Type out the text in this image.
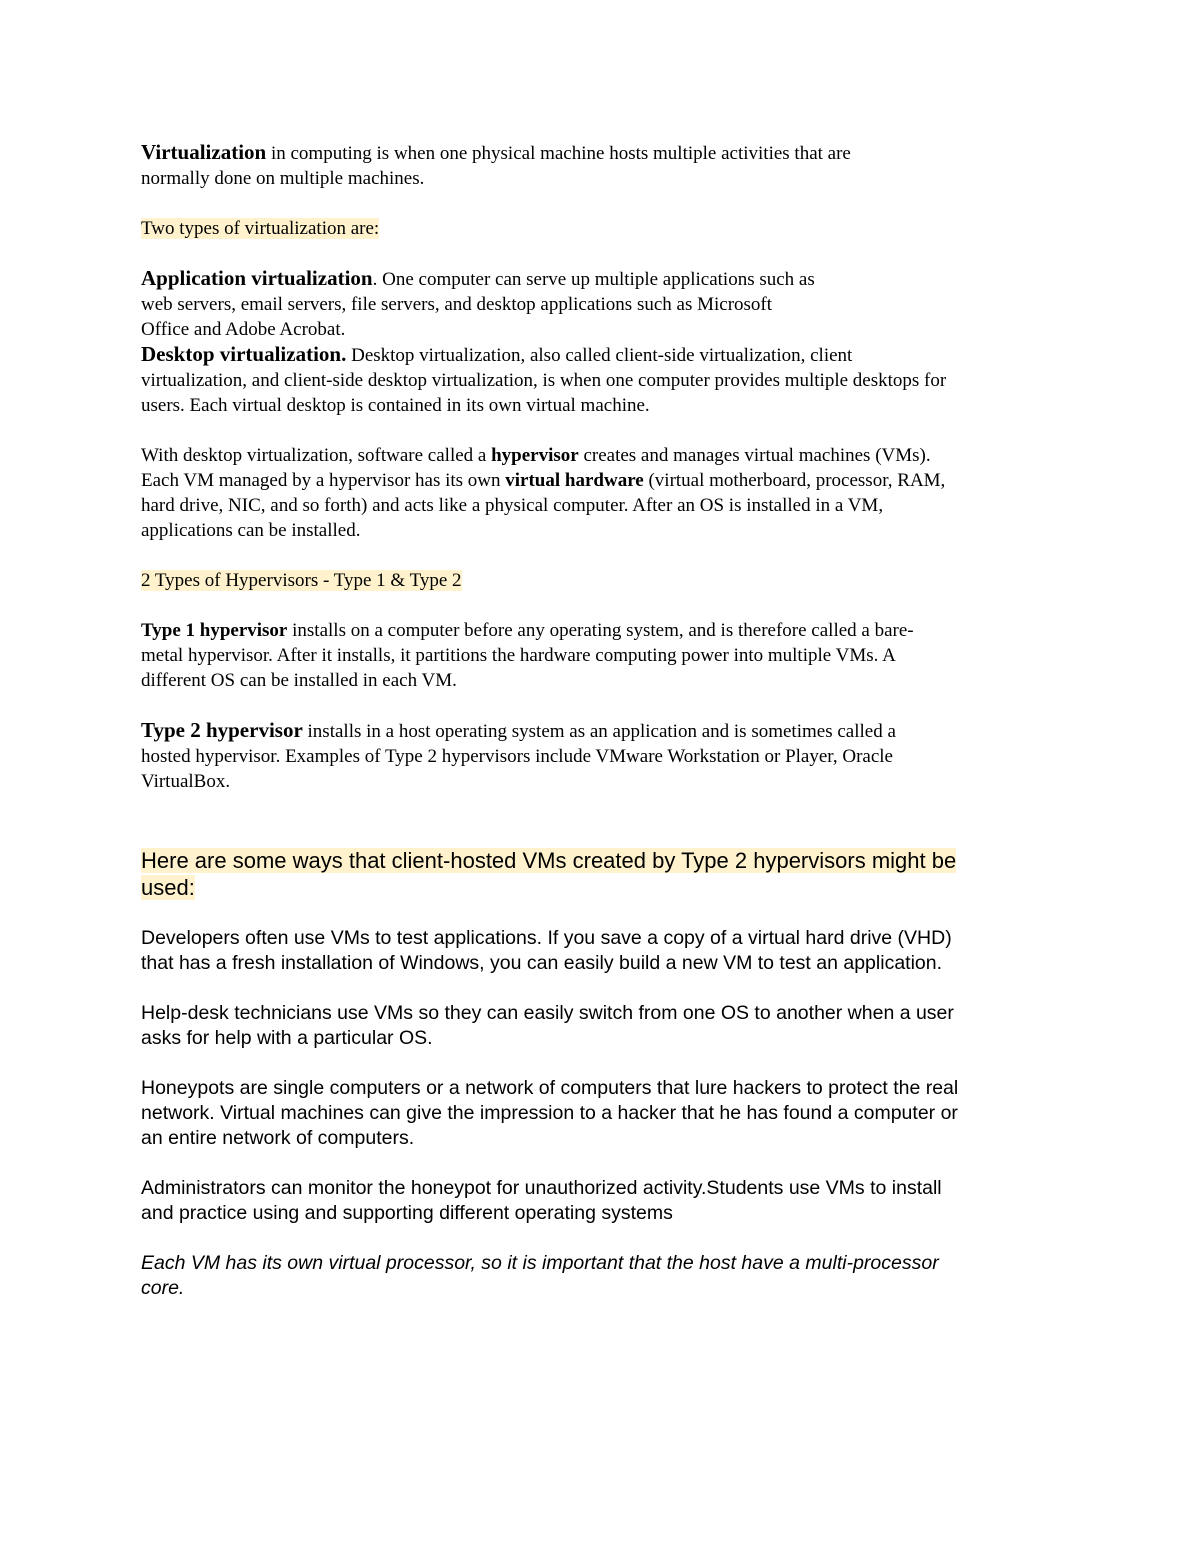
Virtualization in computing is when one physical machine hosts multiple activities that are
normally done on multiple machines.

Two types of virtualization are:

Application virtualization. One computer can serve up multiple applications such as
web servers, email servers, file servers, and desktop applications such as Microsoft
Office and Adobe Acrobat.

Desktop virtualization. Desktop virtualization, also called client-side virtualization, client
virtualization, and client-side desktop virtualization, is when one computer provides multiple desktops for
users. Each virtual desktop is contained in its own virtual machine.

With desktop virtualization, software called a hypervisor creates and manages virtual machines (VMs).
Each VM managed by a hypervisor has its own virtual hardware (virtual motherboard, processor, RAM,
hard drive, NIC, and so forth) and acts like a physical computer. After an OS is installed in a VM,
applications can be installed.

2 Types of Hypervisors - Type 1 & Type 2

Type 1 hypervisor installs on a computer before any operating system, and is therefore called a bare-
metal hypervisor. After it installs, it partitions the hardware computing power into multiple VMs. A
different OS can be installed in each VM.

Type 2 hypervisor installs in a host operating system as an application and is sometimes called a
hosted hypervisor. Examples of Type 2 hypervisors include VMware Workstation or Player, Oracle
VirtualBox.

Here are some ways that client-hosted VMs created by Type 2 hypervisors might be
used:

Developers often use VMs to test applications. If you save a copy of a virtual hard drive (VHD)
that has a fresh installation of Windows, you can easily build a new VM to test an application.

Help-desk technicians use VMs so they can easily switch from one OS to another when a user
asks for help with a particular OS.

Honeypots are single computers or a network of computers that lure hackers to protect the real
network. Virtual machines can give the impression to a hacker that he has found a computer or
an entire network of computers.

Administrators can monitor the honeypot for unauthorized activity.Students use VMs to install
and practice using and supporting different operating systems

Each VM has its own virtual processor, so it is important that the host have a multi-processor
core.
